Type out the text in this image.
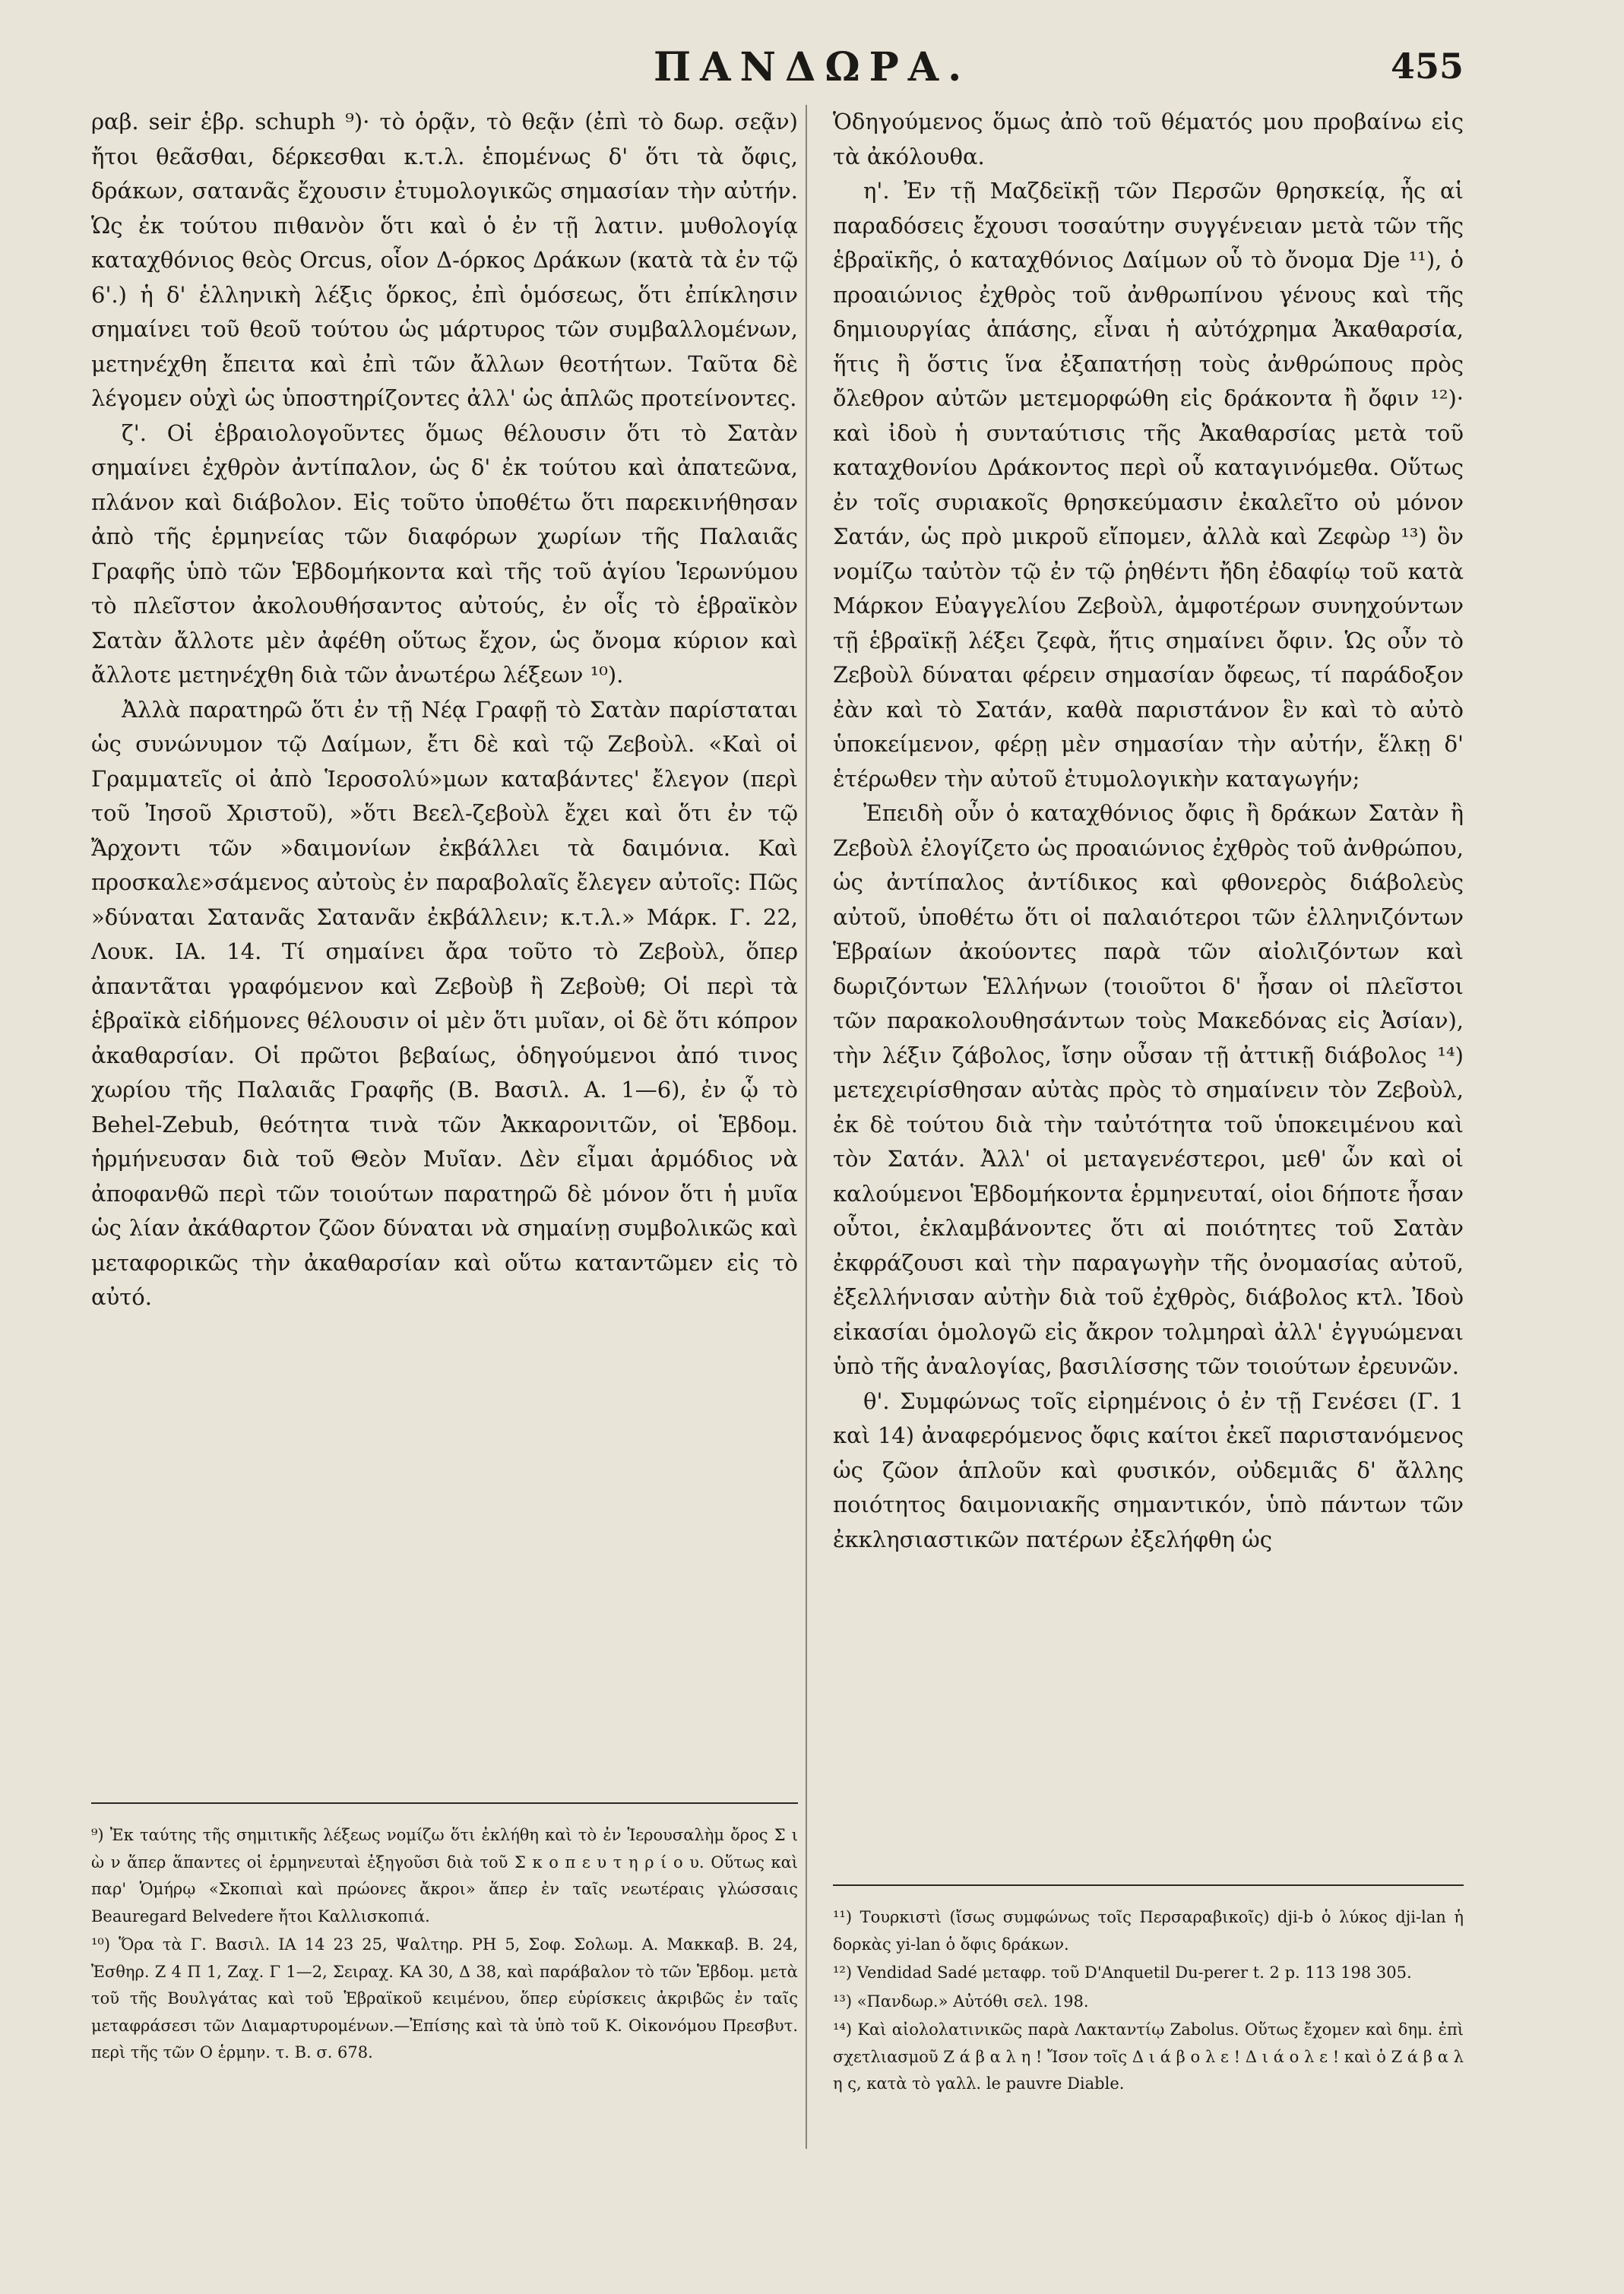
ΠΑΝΔΩΡΑ.	455

ραβ. seir ἑβρ. schuph ⁹)· τὸ ὁρᾷν, τὸ θεᾷν (ἐπὶ τὸ δωρ. σεᾷν) ἤτοι θεᾶσθαι, δέρκεσθαι κ.τ.λ. ἑπομένως δ' ὅτι τὰ ὄφις, δράκων, σατανᾶς ἔχουσιν ἐτυμολογικῶς σημασίαν τὴν αὐτήν. Ὡς ἐκ τούτου πιθανὸν ὅτι καὶ ὁ ἐν τῇ λατιν. μυθολογίᾳ καταχθόνιος θεὸς Orcus, οἷον Δ-όρκος Δράκων (κατὰ τὰ ἐν τῷ 6'.) ἡ δ' ἑλληνικὴ λέξις ὅρκος, ἐπὶ ὁμόσεως, ὅτι ἐπίκλησιν σημαίνει τοῦ θεοῦ τούτου ὡς μάρτυρος τῶν συμβαλλομένων, μετηνέχθη ἔπειτα καὶ ἐπὶ τῶν ἄλλων θεοτήτων. Ταῦτα δὲ λέγομεν οὐχὶ ὡς ὑποστηρίζοντες ἀλλ' ὡς ἁπλῶς προτείνοντες.

ζ'. Οἱ ἑβραιολογοῦντες ὅμως θέλουσιν ὅτι τὸ Σατὰν σημαίνει ἐχθρὸν ἀντίπαλον, ὡς δ' ἐκ τούτου καὶ ἀπατεῶνα, πλάνον καὶ διάβολον. Εἰς τοῦτο ὑποθέτω ὅτι παρεκινήθησαν ἀπὸ τῆς ἑρμηνείας τῶν διαφόρων χωρίων τῆς Παλαιᾶς Γραφῆς ὑπὸ τῶν Ἑβδομήκοντα καὶ τῆς τοῦ ἁγίου Ἱερωνύμου τὸ πλεῖστον ἀκολουθήσαντος αὐτούς, ἐν οἷς τὸ ἑβραϊκὸν Σατὰν ἄλλοτε μὲν ἀφέθη οὕτως ἔχον, ὡς ὄνομα κύριον καὶ ἄλλοτε μετηνέχθη διὰ τῶν ἀνωτέρω λέξεων ¹⁰).

Ἀλλὰ παρατηρῶ ὅτι ἐν τῇ Νέᾳ Γραφῇ τὸ Σατὰν παρίσταται ὡς συνώνυμον τῷ Δαίμων, ἔτι δὲ καὶ τῷ Ζεβοὺλ. «Καὶ οἱ Γραμματεῖς οἱ ἀπὸ Ἱεροσολύ»μων καταβάντες' ἔλεγον (περὶ τοῦ Ἰησοῦ Χριστοῦ), »ὅτι Βεελ-ζεβοὺλ ἔχει καὶ ὅτι ἐν τῷ Ἄρχοντι τῶν »δαιμονίων ἐκβάλλει τὰ δαιμόνια. Καὶ προσκαλε»σάμενος αὐτοὺς ἐν παραβολαῖς ἔλεγεν αὐτοῖς: Πῶς »δύναται Σατανᾶς Σατανᾶν ἐκβάλλειν; κ.τ.λ.» Μάρκ. Γ. 22, Λουκ. ΙΑ. 14. Τί σημαίνει ἄρα τοῦτο τὸ Ζεβοὺλ, ὅπερ ἀπαντᾶται γραφόμενον καὶ Ζεβοὺβ ἢ Ζεβοὺθ; Οἱ περὶ τὰ ἑβραϊκὰ εἰδήμονες θέλουσιν οἱ μὲν ὅτι μυῖαν, οἱ δὲ ὅτι κόπρον ἀκαθαρσίαν. Οἱ πρῶτοι βεβαίως, ὁδηγούμενοι ἀπό τινος χωρίου τῆς Παλαιᾶς Γραφῆς (Β. Βασιλ. Α. 1—6), ἐν ᾧ τὸ Behel-Zebub, θεότητα τινὰ τῶν Ἀκκαρονιτῶν, οἱ Ἑβδομ. ἡρμήνευσαν διὰ τοῦ Θεὸν Μυῖαν. Δὲν εἶμαι ἁρμόδιος νὰ ἀποφανθῶ περὶ τῶν τοιούτων παρατηρῶ δὲ μόνον ὅτι ἡ μυῖα ὡς λίαν ἀκάθαρτον ζῶον δύναται νὰ σημαίνῃ συμβολικῶς καὶ μεταφορικῶς τὴν ἀκαθαρσίαν καὶ οὕτω καταντῶμεν εἰς τὸ αὐτό.

Ὁδηγούμενος ὅμως ἀπὸ τοῦ θέματός μου προβαίνω εἰς τὰ ἀκόλουθα.

η'. Ἐν τῇ Μαζδεϊκῇ τῶν Περσῶν θρησκείᾳ, ἧς αἱ παραδόσεις ἔχουσι τοσαύτην συγγένειαν μετὰ τῶν τῆς ἑβραϊκῆς, ὁ καταχθόνιος Δαίμων οὗ τὸ ὄνομα Dje ¹¹), ὁ προαιώνιος ἐχθρὸς τοῦ ἀνθρωπίνου γένους καὶ τῆς δημιουργίας ἁπάσης, εἶναι ἡ αὐτόχρημα Ἀκαθαρσία, ἥτις ἢ ὅστις ἵνα ἐξαπατήσῃ τοὺς ἀνθρώπους πρὸς ὄλεθρον αὐτῶν μετεμορφώθη εἰς δράκοντα ἢ ὄφιν ¹²)· καὶ ἰδοὺ ἡ συνταύτισις τῆς Ἀκαθαρσίας μετὰ τοῦ καταχθονίου Δράκοντος περὶ οὗ καταγινόμεθα. Οὕτως ἐν τοῖς συριακοῖς θρησκεύμασιν ἐκαλεῖτο οὐ μόνον Σατάν, ὡς πρὸ μικροῦ εἴπομεν, ἀλλὰ καὶ Ζεφὼρ ¹³) ὃν νομίζω ταὐτὸν τῷ ἐν τῷ ῥηθέντι ἤδη ἐδαφίῳ τοῦ κατὰ Μάρκον Εὐαγγελίου Ζεβοὺλ, ἀμφοτέρων συνηχούντων τῇ ἑβραϊκῇ λέξει ζεφὰ, ἥτις σημαίνει ὄφιν. Ὡς οὖν τὸ Ζεβοὺλ δύναται φέρειν σημασίαν ὄφεως, τί παράδοξον ἐὰν καὶ τὸ Σατάν, καθὰ παριστάνον ἓν καὶ τὸ αὐτὸ ὑποκείμενον, φέρῃ μὲν σημασίαν τὴν αὐτήν, ἕλκῃ δ' ἑτέρωθεν τὴν αὐτοῦ ἐτυμολογικὴν καταγωγήν;

Ἐπειδὴ οὖν ὁ καταχθόνιος ὄφις ἢ δράκων Σατὰν ἢ Ζεβοὺλ ἐλογίζετο ὡς προαιώνιος ἐχθρὸς τοῦ ἀνθρώπου, ὡς ἀντίπαλος ἀντίδικος καὶ φθονερὸς διάβολεὺς αὐτοῦ, ὑποθέτω ὅτι οἱ παλαιότεροι τῶν ἑλληνιζόντων Ἑβραίων ἀκούοντες παρὰ τῶν αἰολιζόντων καὶ δωριζόντων Ἑλλήνων (τοιοῦτοι δ' ἦσαν οἱ πλεῖστοι τῶν παρακολουθησάντων τοὺς Μακεδόνας εἰς Ἀσίαν), τὴν λέξιν ζάβολος, ἴσην οὖσαν τῇ ἀττικῇ διάβολος ¹⁴) μετεχειρίσθησαν αὐτὰς πρὸς τὸ σημαίνειν τὸν Ζεβοὺλ, ἐκ δὲ τούτου διὰ τὴν ταὐτότητα τοῦ ὑποκειμένου καὶ τὸν Σατάν. Ἀλλ' οἱ μεταγενέστεροι, μεθ' ὧν καὶ οἱ καλούμενοι Ἑβδομήκοντα ἑρμηνευταί, οἱοι δήποτε ἦσαν οὗτοι, ἐκλαμβάνοντες ὅτι αἱ ποιότητες τοῦ Σατὰν ἐκφράζουσι καὶ τὴν παραγωγὴν τῆς ὀνομασίας αὐτοῦ, ἐξελλήνισαν αὐτὴν διὰ τοῦ ἐχθρὸς, διάβολος κτλ. Ἰδοὺ εἰκασίαι ὁμολογῶ εἰς ἄκρον τολμηραὶ ἀλλ' ἐγγυώμεναι ὑπὸ τῆς ἀναλογίας, βασιλίσσης τῶν τοιούτων ἐρευνῶν.

θ'. Συμφώνως τοῖς εἰρημένοις ὁ ἐν τῇ Γενέσει (Γ. 1 καὶ 14) ἀναφερόμενος ὄφις καίτοι ἐκεῖ παριστανόμενος ὡς ζῶον ἁπλοῦν καὶ φυσικόν, οὐδεμιᾶς δ' ἄλλης ποιότητος δαιμονιακῆς σημαντικόν, ὑπὸ πάντων τῶν ἐκκλησιαστικῶν πατέρων ἐξελήφθη ὡς

⁹) Ἐκ ταύτης τῆς σημιτικῆς λέξεως νομίζω ὅτι ἐκλήθη καὶ τὸ ἐν Ἱερουσαλὴμ ὄρος Σ ι ὼ ν ἅπερ ἅπαντες οἱ ἑρμηνευταὶ ἐξηγοῦσι διὰ τοῦ Σ κ ο π ε υ τ η ρ ί ο υ. Οὕτως καὶ παρ' Ὁμήρῳ «Σκοπιαὶ καὶ πρώονες ἄκροι» ἅπερ ἐν ταῖς νεωτέραις γλώσσαις Beauregard Belvedere ἤτοι Καλλισκοπιά.

¹⁰) Ὅρα τὰ Γ. Βασιλ. ΙΑ 14 23 25, Ψαλτηρ. ΡΗ 5, Σοφ. Σολωμ. Α. Μακκαβ. Β. 24, Ἐσθηρ. Ζ 4 Π 1, Ζαχ. Γ 1—2, Σειραχ. ΚΑ 30, Δ 38, καὶ παράβαλον τὸ τῶν Ἑβδομ. μετὰ τοῦ τῆς Βουλγάτας καὶ τοῦ Ἑβραϊκοῦ κειμένου, ὅπερ εὑρίσκεις ἀκριβῶς ἐν ταῖς μεταφράσεσι τῶν Διαμαρτυρομένων.—Ἐπίσης καὶ τὰ ὑπὸ τοῦ Κ. Οἰκονόμου Πρεσβυτ. περὶ τῆς τῶν Ο ἑρμην. τ. Β. σ. 678.

¹¹) Τουρκιστὶ (ἴσως συμφώνως τοῖς Περσαραβικοῖς) dji-b ὁ λύκος dji-lan ἡ δορκὰς yi-lan ὁ ὄφις δράκων.

¹²) Vendidad Sadé μεταφρ. τοῦ D'Anquetil Du-perer t. 2 p. 113 198 305.

¹³) «Πανδωρ.» Αὐτόθι σελ. 198.

¹⁴) Καὶ αἰολολατινικῶς παρὰ Λακταντίῳ Zabolus. Οὕτως ἔχομεν καὶ δημ. ἐπὶ σχετλιασμοῦ Ζ ά β α λ η ! Ἴσον τοῖς Δ ι ά β ο λ ε ! Δ ι ά ο λ ε ! καὶ ὁ Ζ ά β α λ η ς, κατὰ τὸ γαλλ. le pauvre Diable.
